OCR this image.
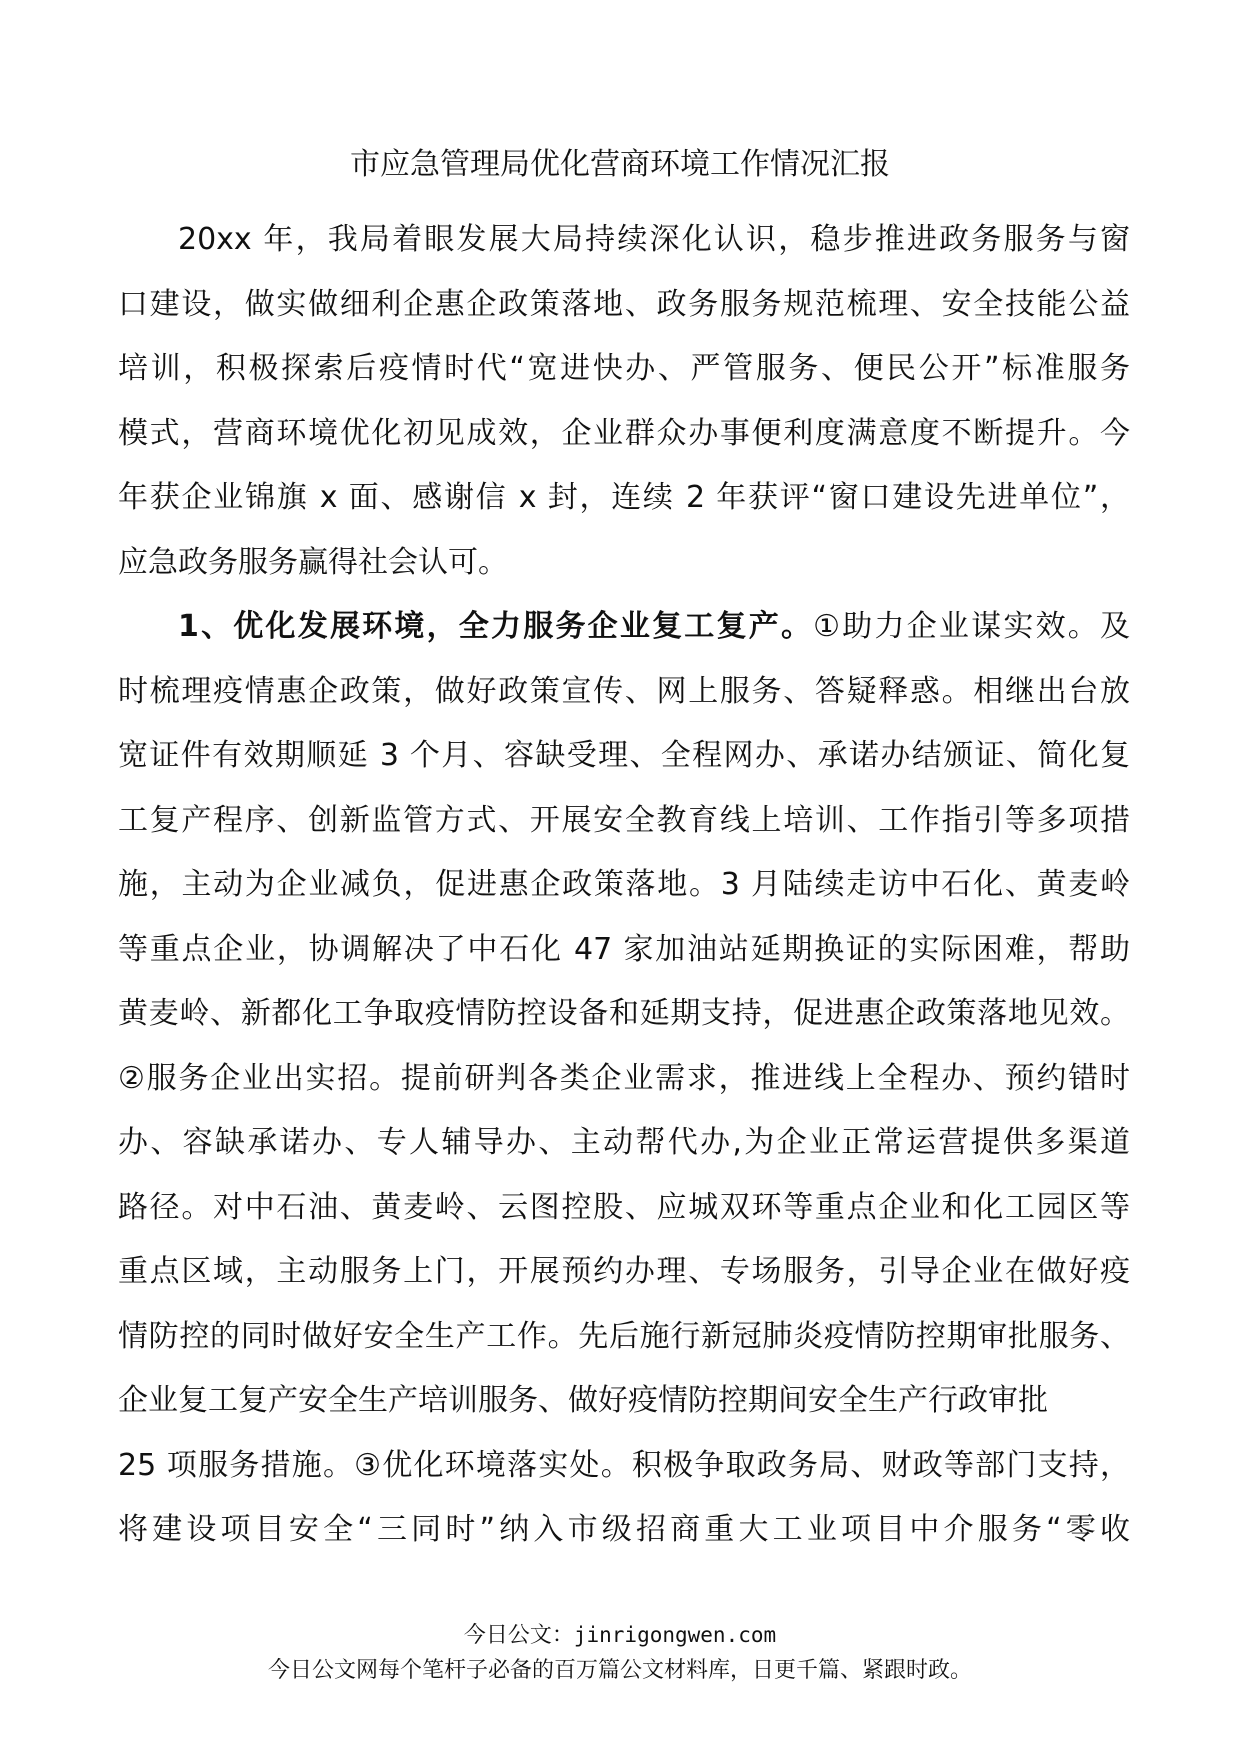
市应急管理局优化营商环境工作情况汇报
20xx 年，我局着眼发展大局持续深化认识，稳步推进政务服务与窗
口建设，做实做细利企惠企政策落地、政务服务规范梳理、安全技能公益
培训，积极探索后疫情时代“宽进快办、严管服务、便民公开”标准服务
模式，营商环境优化初见成效，企业群众办事便利度满意度不断提升。今
年获企业锦旗 x 面、感谢信 x 封，连续 2 年获评“窗口建设先进单位”，
应急政务服务赢得社会认可。
1、优化发展环境，全力服务企业复工复产。①助力企业谋实效。及
时梳理疫情惠企政策，做好政策宣传、网上服务、答疑释惑。相继出台放
宽证件有效期顺延 3 个月、容缺受理、全程网办、承诺办结颁证、简化复
工复产程序、创新监管方式、开展安全教育线上培训、工作指引等多项措
施，主动为企业减负，促进惠企政策落地。3 月陆续走访中石化、黄麦岭
等重点企业，协调解决了中石化 47 家加油站延期换证的实际困难，帮助
黄麦岭、新都化工争取疫情防控设备和延期支持，促进惠企政策落地见效。
②服务企业出实招。提前研判各类企业需求，推进线上全程办、预约错时
办、容缺承诺办、专人辅导办、主动帮代办,为企业正常运营提供多渠道
路径。对中石油、黄麦岭、云图控股、应城双环等重点企业和化工园区等
重点区域，主动服务上门，开展预约办理、专场服务，引导企业在做好疫
情防控的同时做好安全生产工作。先后施行新冠肺炎疫情防控期审批服务、
企业复工复产安全生产培训服务、做好疫情防控期间安全生产行政审批
25 项服务措施。③优化环境落实处。积极争取政务局、财政等部门支持，
将建设项目安全“三同时”纳入市级招商重大工业项目中介服务“零收
今日公文：jinrigongwen.com
今日公文网每个笔杆子必备的百万篇公文材料库，日更千篇、紧跟时政。
